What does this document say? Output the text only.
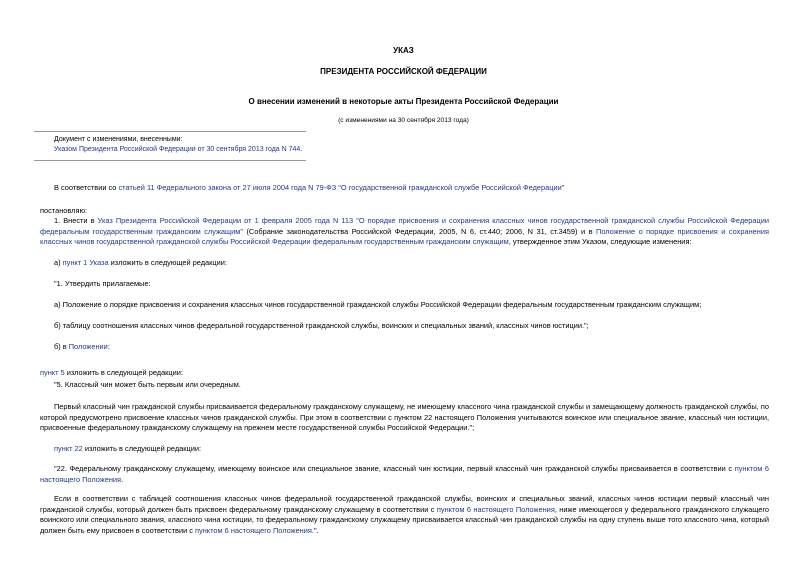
УКАЗ
ПРЕЗИДЕНТА РОССИЙСКОЙ ФЕДЕРАЦИИ
О внесении изменений в некоторые акты Президента Российской Федерации
(с изменениями на 30 сентября 2013 года)
Документ с изменениями, внесенными:
Указом Президента Российской Федерации от 30 сентября 2013 года N 744.
В соответствии со статьей 11 Федерального закона от 27 июля 2004 года N 79-ФЗ "О государственной гражданской службе Российской Федерации"
постановляю:
1. Внести в Указ Президента Российской Федерации от 1 февраля 2005 года N 113 "О порядке присвоения и сохранения классных чинов государственной гражданской службы Российской Федерации федеральным государственным гражданским служащим" (Собрание законодательства Российской Федерации, 2005, N 6, ст.440; 2006, N 31, ст.3459) и в Положение о порядке присвоения и сохранения классных чинов государственной гражданской службы Российской Федерации федеральным государственным гражданским служащим, утвержденное этим Указом, следующие изменения:
а) пункт 1 Указа изложить в следующей редакции:
"1. Утвердить прилагаемые:
а) Положение о порядке присвоения и сохранения классных чинов государственной гражданской службы Российской Федерации федеральным государственным гражданским служащим;
б) таблицу соотношения классных чинов федеральной государственной гражданской службы, воинских и специальных званий, классных чинов юстиции.";
б) в Положении:
пункт 5 изложить в следующей редакции:
"5. Классный чин может быть первым или очередным.
Первый классный чин гражданской службы присваивается федеральному гражданскому служащему, не имеющему классного чина гражданской службы и замещающему должность гражданской службы, по которой предусмотрено присвоение классных чинов гражданской службы. При этом в соответствии с пунктом 22 настоящего Положения учитываются воинское или специальное звание, классный чин юстиции, присвоенные федеральному гражданскому служащему на прежнем месте государственной службы Российской Федерации.";
пункт 22 изложить в следующей редакции:
"22. Федеральному гражданскому служащему, имеющему воинское или специальное звание, классный чин юстиции, первый классный чин гражданской службы присваивается в соответствии с пунктом 6 настоящего Положения.
Если в соответствии с таблицей соотношения классных чинов федеральной государственной гражданской службы, воинских и специальных званий, классных чинов юстиции первый классный чин гражданской службы, который должен быть присвоен федеральному гражданскому служащему в соответствии с пунктом 6 настоящего Положения, ниже имеющегося у федерального гражданского служащего воинского или специального звания, классного чина юстиции, то федеральному гражданскому служащему присваивается классный чин гражданской службы на одну ступень выше того классного чина, который должен быть ему присвоен в соответствии с пунктом 6 настоящего Положения.".
